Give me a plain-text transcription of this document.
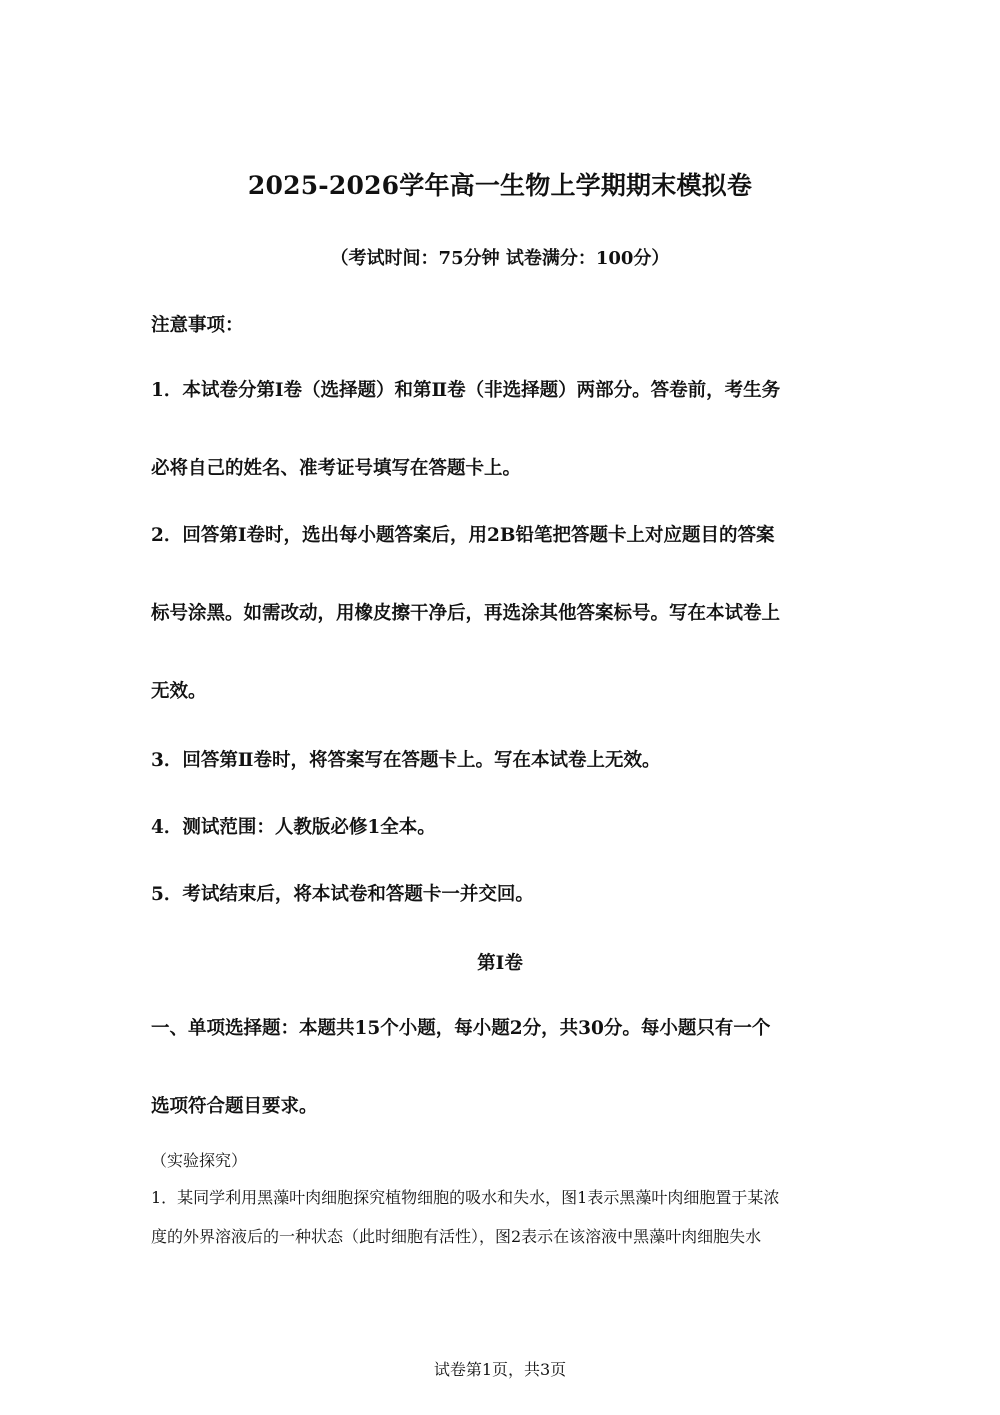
2025-2026学年高一生物上学期期末模拟卷
（考试时间：75分钟 试卷满分：100分）
注意事项：
1．本试卷分第Ⅰ卷（选择题）和第Ⅱ卷（非选择题）两部分。答卷前，考生务
必将自己的姓名、准考证号填写在答题卡上。
2．回答第Ⅰ卷时，选出每小题答案后，用2B铅笔把答题卡上对应题目的答案
标号涂黑。如需改动，用橡皮擦干净后，再选涂其他答案标号。写在本试卷上
无效。
3．回答第Ⅱ卷时，将答案写在答题卡上。写在本试卷上无效。
4．测试范围：人教版必修1全本。
5．考试结束后，将本试卷和答题卡一并交回。
第Ⅰ卷
一、单项选择题：本题共15个小题，每小题2分，共30分。每小题只有一个
选项符合题目要求。
（实验探究）
1．某同学利用黑藻叶肉细胞探究植物细胞的吸水和失水，图1表示黑藻叶肉细胞置于某浓
度的外界溶液后的一种状态（此时细胞有活性），图2表示在该溶液中黑藻叶肉细胞失水
试卷第1页，共3页
